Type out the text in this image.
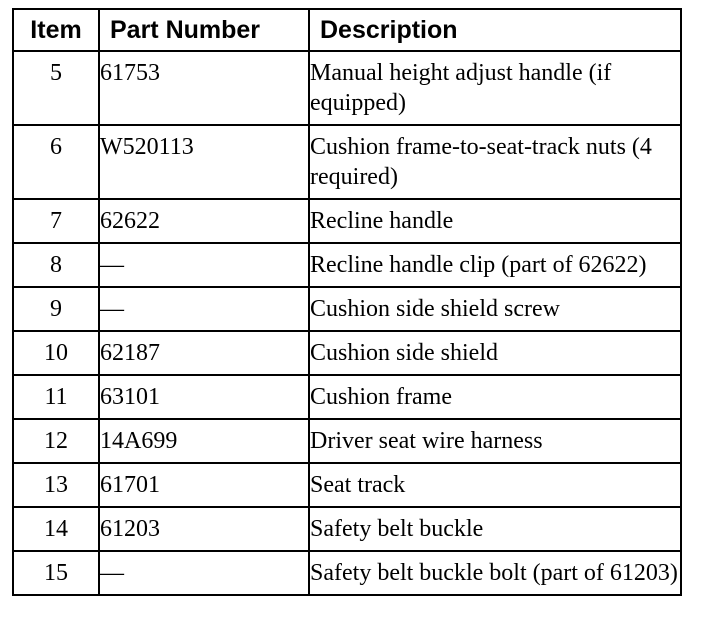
Item	Part Number	Description
5	61753	Manual height adjust handle (if equipped)
6	W520113	Cushion frame-to-seat-track nuts (4 required)
7	62622	Recline handle
8	—	Recline handle clip (part of 62622)
9	—	Cushion side shield screw
10	62187	Cushion side shield
11	63101	Cushion frame
12	14A699	Driver seat wire harness
13	61701	Seat track
14	61203	Safety belt buckle
15	—	Safety belt buckle bolt (part of 61203)
